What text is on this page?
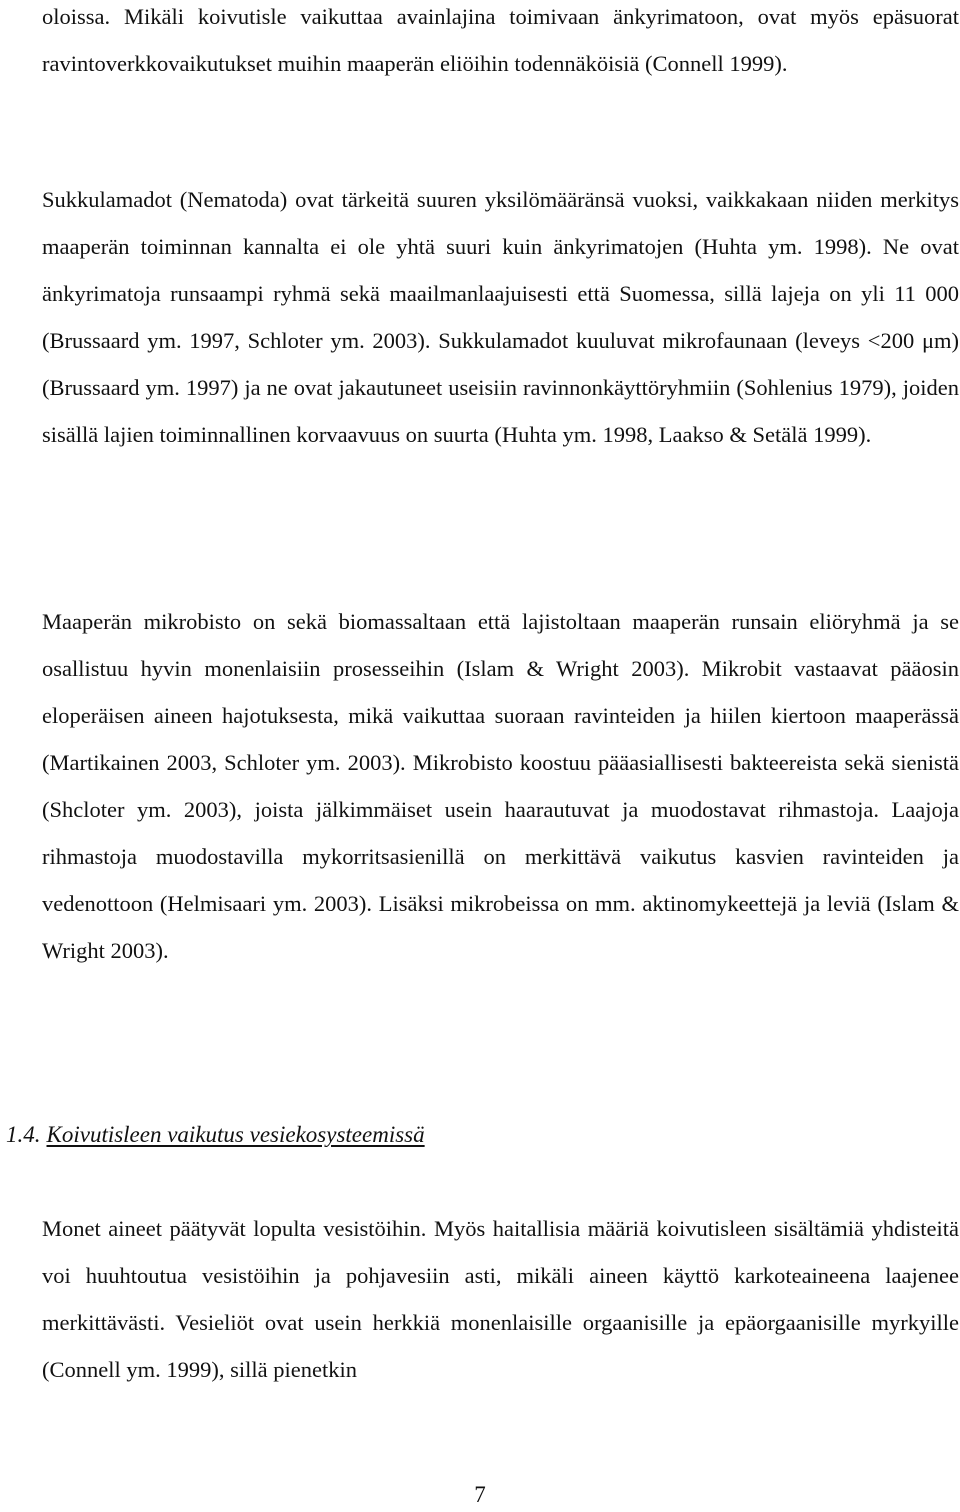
oloissa. Mikäli koivutisle vaikuttaa avainlajina toimivaan änkyrimatoon, ovat myös epäsuorat ravintoverkkovaikutukset muihin maaperän eliöihin todennäköisiä (Connell 1999).

Sukkulamadot (Nematoda) ovat tärkeitä suuren yksilömääränsä vuoksi, vaikkakaan niiden merkitys maaperän toiminnan kannalta ei ole yhtä suuri kuin änkyrimatojen (Huhta ym. 1998). Ne ovat änkyrimatoja runsaampi ryhmä sekä maailmanlaajuisesti että Suomessa, sillä lajeja on yli 11 000 (Brussaard ym. 1997, Schloter ym. 2003). Sukkulamadot kuuluvat mikrofaunaan (leveys <200 μm) (Brussaard ym. 1997) ja ne ovat jakautuneet useisiin ravinnonkäyttöryhmiin (Sohlenius 1979), joiden sisällä lajien toiminnallinen korvaavuus on suurta (Huhta ym. 1998, Laakso & Setälä 1999).

Maaperän mikrobisto on sekä biomassaltaan että lajistoltaan maaperän runsain eliöryhmä ja se osallistuu hyvin monenlaisiin prosesseihin (Islam & Wright 2003). Mikrobit vastaavat pääosin eloperäisen aineen hajotuksesta, mikä vaikuttaa suoraan ravinteiden ja hiilen kiertoon maaperässä (Martikainen 2003, Schloter ym. 2003). Mikrobisto koostuu pääasiallisesti bakteereista sekä sienistä (Shcloter ym. 2003), joista jälkimmäiset usein haarautuvat ja muodostavat rihmastoja. Laajoja rihmastoja muodostavilla mykorritsasienillä on merkittävä vaikutus kasvien ravinteiden ja vedenottoon (Helmisaari ym. 2003). Lisäksi mikrobeissa on mm. aktinomykeettejä ja leviä (Islam & Wright 2003).

1.4. Koivutisleen vaikutus vesiekosysteemissä

Monet aineet päätyvät lopulta vesistöihin. Myös haitallisia määriä koivutisleen sisältämiä yhdisteitä voi huuhtoutua vesistöihin ja pohjavesiin asti, mikäli aineen käyttö karkoteaineena laajenee merkittävästi. Vesieliöt ovat usein herkkiä monenlaisille orgaanisille ja epäorgaanisille myrkyille (Connell ym. 1999), sillä pienetkin

7
